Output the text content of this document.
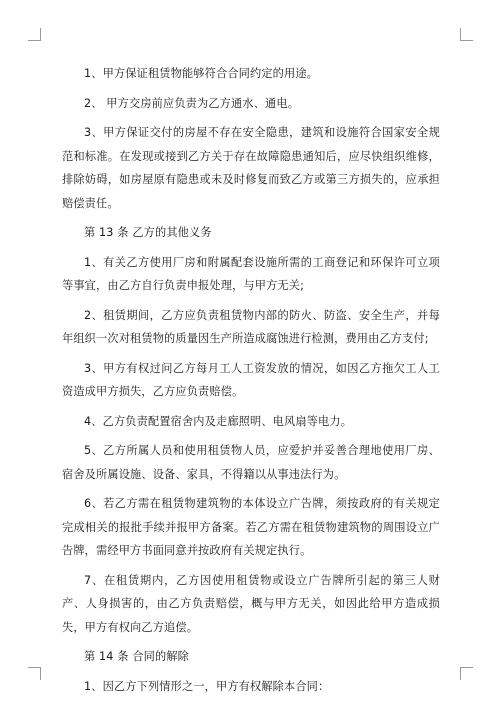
1、甲方保证租赁物能够符合合同约定的用途。

2、 甲方交房前应负责为乙方通水、通电。

3、甲方保证交付的房屋不存在安全隐患，建筑和设施符合国家安全规范和标准。在发现或接到乙方关于存在故障隐患通知后，应尽快组织维修，排除妨碍，如房屋原有隐患或未及时修复而致乙方或第三方损失的，应承担赔偿责任。

第 13 条 乙方的其他义务

1、有关乙方使用厂房和附属配套设施所需的工商登记和环保许可立项等事宜，由乙方自行负责申报处理，与甲方无关;

2、租赁期间，乙方应负责租赁物内部的防火、防盗、安全生产，并每年组织一次对租赁物的质量因生产所造成腐蚀进行检测，费用由乙方支付;

3、甲方有权过问乙方每月工人工资发放的情况，如因乙方拖欠工人工资造成甲方损失，乙方应负责赔偿。

4、乙方负责配置宿舍内及走廊照明、电风扇等电力。

5、乙方所属人员和使用租赁物人员，应爱护并妥善合理地使用厂房、宿舍及所属设施、设备、家具，不得籍以从事违法行为。

6、若乙方需在租赁物建筑物的本体设立广告牌，须按政府的有关规定完成相关的报批手续并报甲方备案。若乙方需在租赁物建筑物的周围设立广告牌，需经甲方书面同意并按政府有关规定执行。

7、在租赁期内，乙方因使用租赁物或设立广告牌所引起的第三人财产、人身损害的，由乙方负责赔偿，概与甲方无关，如因此给甲方造成损失，甲方有权向乙方追偿。

第 14 条 合同的解除

1、因乙方下列情形之一，甲方有权解除本合同：
